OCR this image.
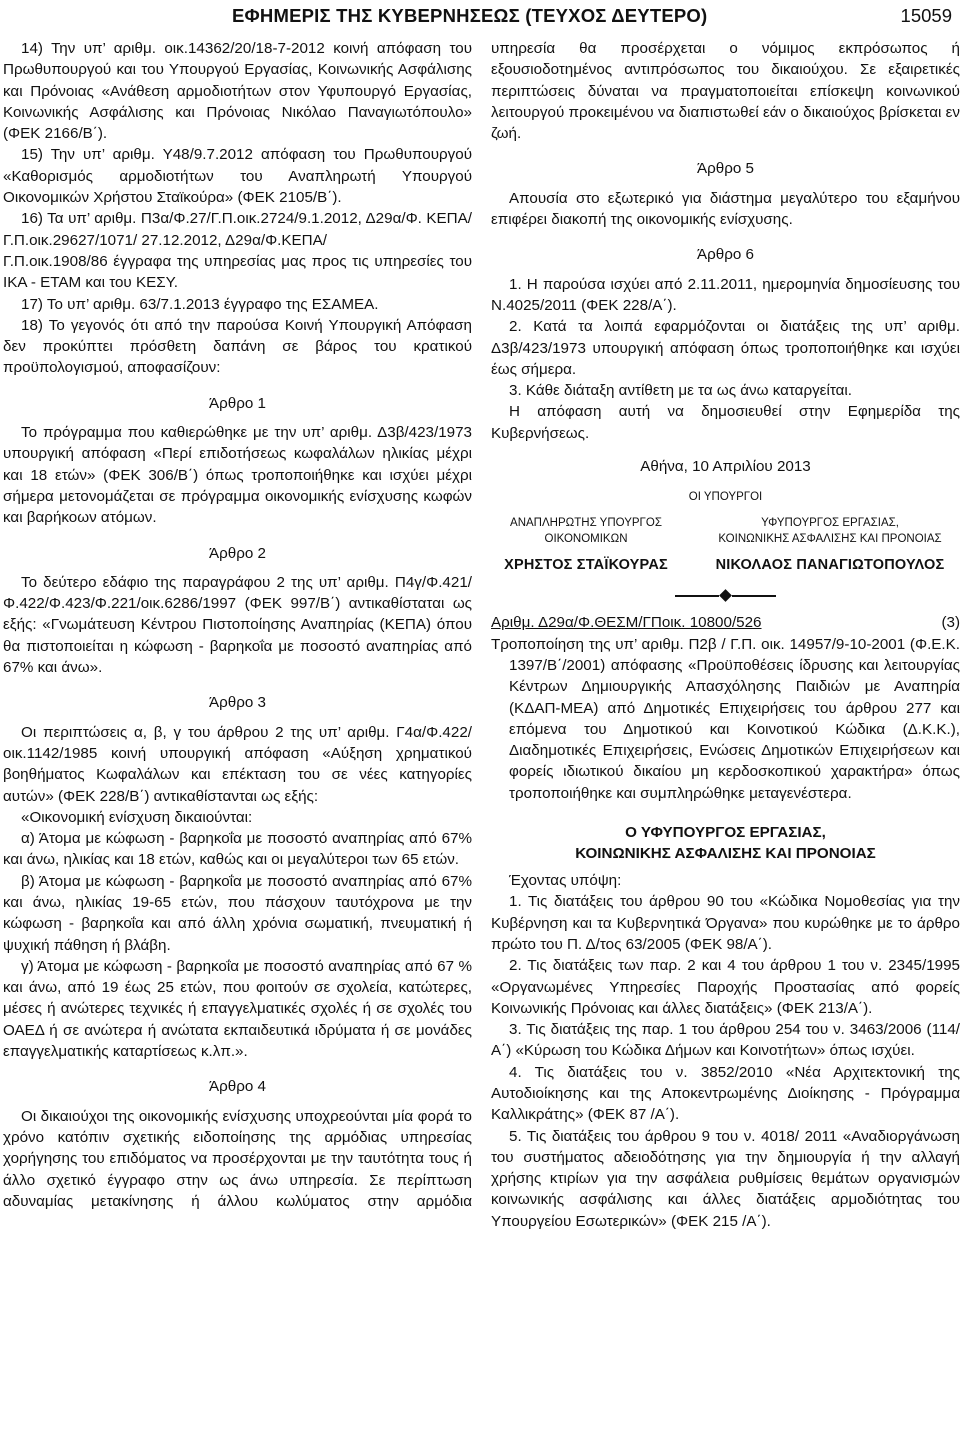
ΕΦΗΜΕΡΙΣ ΤΗΣ ΚΥΒΕΡΝΗΣΕΩΣ (ΤΕΥΧΟΣ ΔΕΥΤΕΡΟ)	15059

14) Την υπ’ αριθμ. οικ.14362/20/18-7-2012 κοινή απόφαση του Πρωθυπουργού και του Υπουργού Εργασίας, Κοινωνικής Ασφάλισης και Πρόνοιας «Ανάθεση αρμοδιοτήτων στον Υφυπουργό Εργασίας, Κοινωνικής Ασφάλισης και Πρόνοιας Νικόλαο Παναγιωτόπουλο» (ΦΕΚ 2166/Β΄).

15) Την υπ’ αριθμ. Υ48/9.7.2012 απόφαση του Πρωθυπουργού «Καθορισμός αρμοδιοτήτων του Αναπληρωτή Υπουργού Οικονομικών Χρήστου Σταϊκούρα» (ΦΕΚ 2105/Β΄).

16) Τα υπ’ αριθμ. Π3α/Φ.27/Γ.Π.οικ.2724/9.1.2012, Δ29α/Φ. ΚΕΠΑ/Γ.Π.οικ.29627/1071/ 27.12.2012, Δ29α/Φ.ΚΕΠΑ/

Γ.Π.οικ.1908/86 έγγραφα της υπηρεσίας μας προς τις υπηρεσίες του ΙΚΑ - ΕΤΑΜ και του ΚΕΣΥ.

17) Το υπ’ αριθμ. 63/7.1.2013 έγγραφο της ΕΣΑΜΕΑ.

18) Το γεγονός ότι από την παρούσα Κοινή Υπουργική Απόφαση δεν προκύπτει πρόσθετη δαπάνη σε βάρος του κρατικού προϋπολογισμού, αποφασίζουν:

Άρθρο 1

Το πρόγραμμα που καθιερώθηκε με την υπ’ αριθμ. Δ3β/423/1973 υπουργική απόφαση «Περί επιδοτήσεως κωφαλάλων ηλικίας μέχρι και 18 ετών» (ΦΕΚ 306/Β΄) όπως τροποποιήθηκε και ισχύει μέχρι σήμερα μετονομάζεται σε πρόγραμμα οικονομικής ενίσχυσης κωφών και βαρήκοων ατόμων.

Άρθρο 2

Το δεύτερο εδάφιο της παραγράφου 2 της υπ’ αριθμ. Π4γ/Φ.421/Φ.422/Φ.423/Φ.221/οικ.6286/1997 (ΦΕΚ 997/Β΄) αντικαθίσταται ως εξής: «Γνωμάτευση Κέντρου Πιστοποίησης Αναπηρίας (ΚΕΠΑ) όπου θα πιστοποιείται η κώφωση - βαρηκοΐα με ποσοστό αναπηρίας από 67% και άνω».

Άρθρο 3

Οι περιπτώσεις α, β, γ του άρθρου 2 της υπ’ αριθμ. Γ4α/Φ.422/οικ.1142/1985 κοινή υπουργική απόφαση «Αύξηση χρηματικού βοηθήματος Κωφαλάλων και επέκταση του σε νέες κατηγορίες αυτών» (ΦΕΚ 228/Β΄) αντικαθίστανται ως εξής:

«Οικονομική ενίσχυση δικαιούνται:

α) Άτομα με κώφωση - βαρηκοΐα με ποσοστό αναπηρίας από 67% και άνω, ηλικίας και 18 ετών, καθώς και οι μεγαλύτεροι των 65 ετών.

β) Άτομα με κώφωση - βαρηκοΐα με ποσοστό αναπηρίας από 67% και άνω, ηλικίας 19-65 ετών, που πάσχουν ταυτόχρονα με την κώφωση - βαρηκοΐα και από άλλη χρόνια σωματική, πνευματική ή ψυχική πάθηση ή βλάβη.

γ) Άτομα με κώφωση - βαρηκοΐα με ποσοστό αναπηρίας από 67 % και άνω, από 19 έως 25 ετών, που φοιτούν σε σχολεία, κατώτερες, μέσες ή ανώτερες τεχνικές ή επαγγελματικές σχολές ή σε σχολές του ΟΑΕΔ ή σε ανώτερα ή ανώτατα εκπαιδευτικά ιδρύματα ή σε μονάδες επαγγελματικής καταρτίσεως κ.λπ.».

Άρθρο 4

Οι δικαιούχοι της οικονομικής ενίσχυσης υποχρεούνται μία φορά το χρόνο κατόπιν σχετικής ειδοποίησης της αρμόδιας υπηρεσίας χορήγησης του επιδόματος να προσέρχονται με την ταυτότητα τους ή άλλο σχετικό έγγραφο στην ως άνω υπηρεσία. Σε περίπτωση αδυναμίας μετακίνησης ή άλλου κωλύματος στην αρμόδια

υπηρεσία θα προσέρχεται ο νόμιμος εκπρόσωπος ή εξουσιοδοτημένος αντιπρόσωπος του δικαιούχου. Σε εξαιρετικές περιπτώσεις δύναται να πραγματοποιείται επίσκεψη κοινωνικού λειτουργού προκειμένου να διαπιστωθεί εάν ο δικαιούχος βρίσκεται εν ζωή.

Άρθρο 5

Απουσία στο εξωτερικό για διάστημα μεγαλύτερο του εξαμήνου επιφέρει διακοπή της οικονομικής ενίσχυσης.

Άρθρο 6

1. Η παρούσα ισχύει από 2.11.2011, ημερομηνία δημοσίευσης του Ν.4025/2011 (ΦΕΚ 228/Α΄).

2. Κατά τα λοιπά εφαρμόζονται οι διατάξεις της υπ’ αριθμ. Δ3β/423/1973 υπουργική απόφαση όπως τροποποιήθηκε και ισχύει έως σήμερα.

3. Κάθε διάταξη αντίθετη με τα ως άνω καταργείται.

Η απόφαση αυτή να δημοσιευθεί στην Εφημερίδα της Κυβερνήσεως.

Αθήνα, 10 Απριλίου 2013
ΟΙ ΥΠΟΥΡΓΟΙ
ΑΝΑΠΛΗΡΩΤΗΣ ΥΠΟΥΡΓΟΣ
ΟΙΚΟΝΟΜΙΚΩΝ
ΧΡΗΣΤΟΣ ΣΤΑΪΚΟΥΡΑΣ
ΥΦΥΠΟΥΡΓΟΣ ΕΡΓΑΣΙΑΣ,
ΚΟΙΝΩΝΙΚΗΣ ΑΣΦΑΛΙΣΗΣ ΚΑΙ ΠΡΟΝΟΙΑΣ
ΝΙΚΟΛΑΟΣ ΠΑΝΑΓΙΩΤΟΠΟΥΛΟΣ
Αριθμ. Δ29α/Φ.ΘΕΣΜ/ΓΠοικ. 10800/526	(3)

Τροποποίηση της υπ’ αριθμ. Π2β / Γ.Π. οικ. 14957/9-10-2001 (Φ.Ε.Κ. 1397/Β΄/2001) απόφασης «Προϋποθέσεις ίδρυσης και λειτουργίας Κέντρων Δημιουργικής Απασχόλησης Παιδιών με Αναπηρία (ΚΔΑΠ-ΜΕΑ) από Δημοτικές Επιχειρήσεις του άρθρου 277 και επόμενα του Δημοτικού και Κοινοτικού Κώδικα (Δ.Κ.Κ.), Διαδημοτικές Επιχειρήσεις, Ενώσεις Δημοτικών Επιχειρήσεων και φορείς ιδιωτικού δικαίου μη κερδοσκοπικού χαρακτήρα» όπως τροποποιήθηκε και συμπληρώθηκε μεταγενέστερα.

Ο ΥΦΥΠΟΥΡΓΟΣ ΕΡΓΑΣΙΑΣ,
ΚΟΙΝΩΝΙΚΗΣ ΑΣΦΑΛΙΣΗΣ ΚΑΙ ΠΡΟΝΟΙΑΣ

Έχοντας υπόψη:

1. Τις διατάξεις του άρθρου 90 του «Κώδικα Νομοθεσίας για την Κυβέρνηση και τα Κυβερνητικά Όργανα» που κυρώθηκε με το άρθρο πρώτο του Π. Δ/τος 63/2005 (ΦΕΚ 98/Α΄).

2. Τις διατάξεις των παρ. 2 και 4 του άρθρου 1 του ν. 2345/1995 «Οργανωμένες Υπηρεσίες Παροχής Προστασίας από φορείς Κοινωνικής Πρόνοιας και άλλες διατάξεις» (ΦΕΚ 213/Α΄).

3. Τις διατάξεις της παρ. 1 του άρθρου 254 του ν. 3463/2006 (114/Α΄) «Κύρωση του Κώδικα Δήμων και Κοινοτήτων» όπως ισχύει.

4. Τις διατάξεις του ν. 3852/2010 «Νέα Αρχιτεκτονική της Αυτοδιοίκησης και της Αποκεντρωμένης Διοίκησης - Πρόγραμμα Καλλικράτης» (ΦΕΚ 87 /Α΄).

5. Τις διατάξεις του άρθρου 9 του ν. 4018/ 2011 «Αναδιοργάνωση του συστήματος αδειοδότησης για την δημιουργία ή την αλλαγή χρήσης κτιρίων για την ασφάλεια ρυθμίσεις θεμάτων οργανισμών κοινωνικής ασφάλισης και άλλες διατάξεις αρμοδιότητας του Υπουργείου Εσωτερικών» (ΦΕΚ 215 /Α΄).
